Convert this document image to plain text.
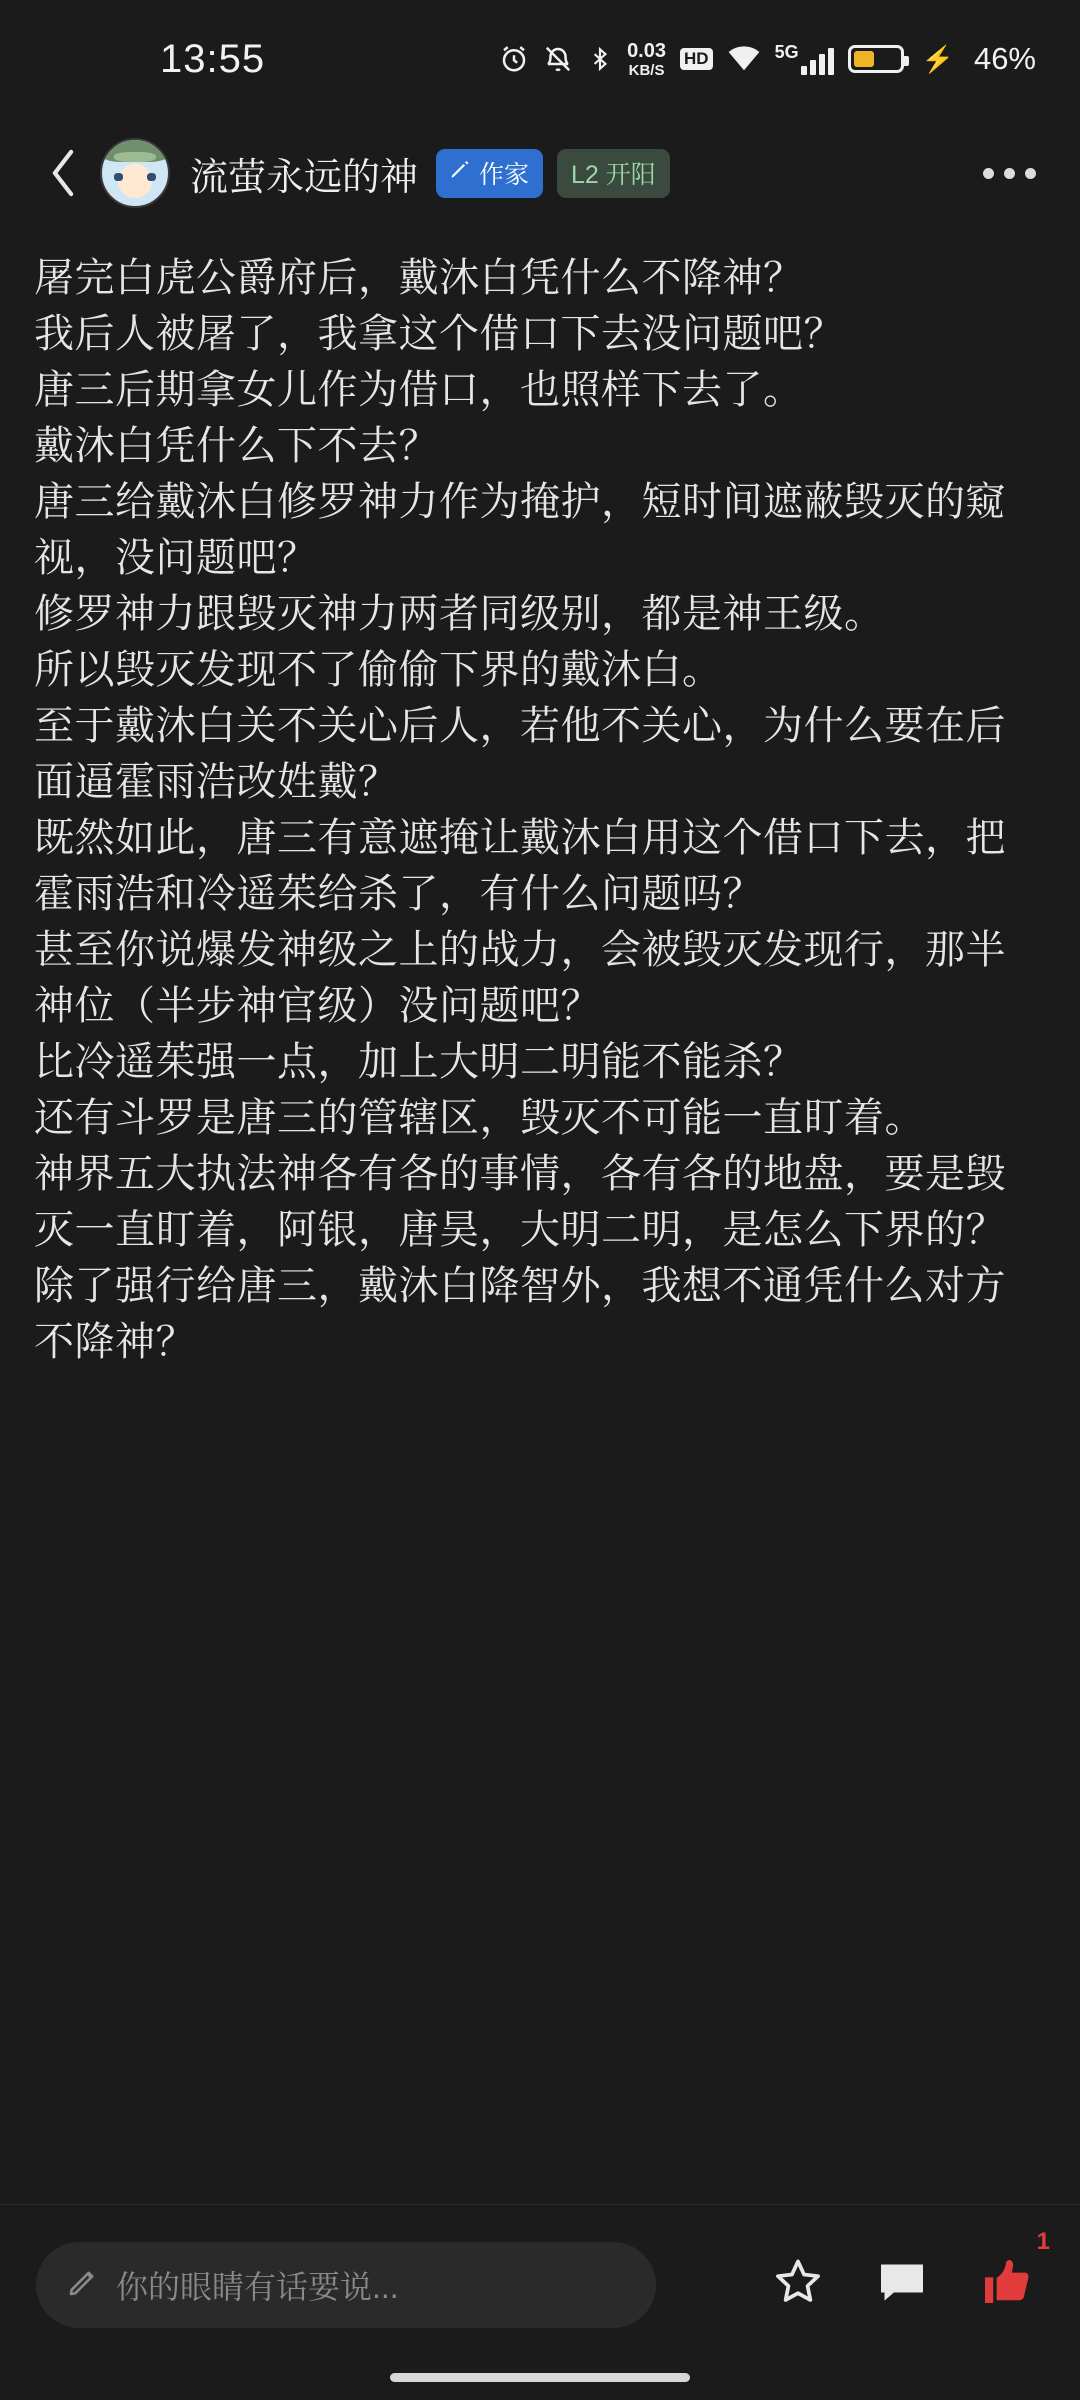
13:55	0.03
KB/S
HD	5G	⚡ 46%
流萤永远的神 作家	L2 开阳

屠完白虎公爵府后，戴沐白凭什么不降神？

我后人被屠了，我拿这个借口下去没问题吧？

唐三后期拿女儿作为借口，也照样下去了。

戴沐白凭什么下不去？

唐三给戴沐白修罗神力作为掩护，短时间遮蔽毁灭的窥视，没问题吧？

修罗神力跟毁灭神力两者同级别，都是神王级。

所以毁灭发现不了偷偷下界的戴沐白。

至于戴沐白关不关心后人，若他不关心，为什么要在后面逼霍雨浩改姓戴？

既然如此，唐三有意遮掩让戴沐白用这个借口下去，把霍雨浩和冷遥茱给杀了，有什么问题吗？

甚至你说爆发神级之上的战力，会被毁灭发现行，那半神位（半步神官级）没问题吧？

比冷遥茱强一点，加上大明二明能不能杀？

还有斗罗是唐三的管辖区，毁灭不可能一直盯着。

神界五大执法神各有各的事情，各有各的地盘，要是毁灭一直盯着，阿银，唐昊，大明二明，是怎么下界的？

除了强行给唐三，戴沐白降智外，我想不通凭什么对方不降神？

你的眼睛有话要说...
1
